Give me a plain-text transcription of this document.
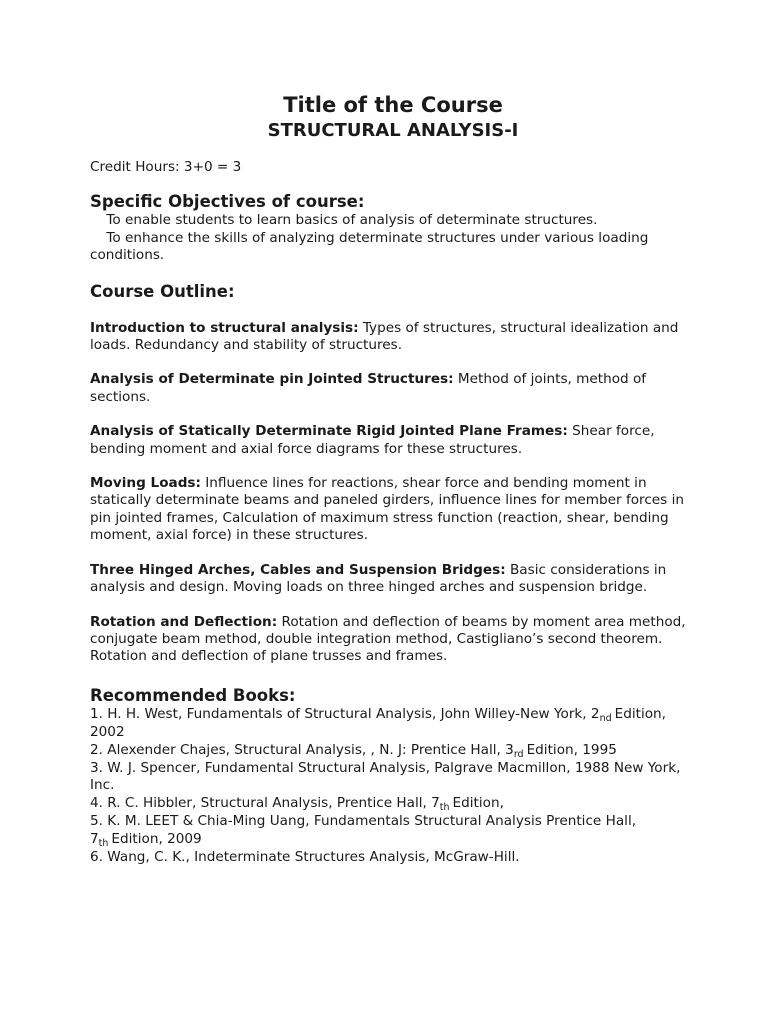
Title of the Course
STRUCTURAL ANALYSIS-I

Credit Hours: 3+0 = 3

Specific Objectives of course:

To enable students to learn basics of analysis of determinate structures.

To enhance the skills of analyzing determinate structures under various loading conditions.

Course Outline:

Introduction to structural analysis: Types of structures, structural idealization and loads. Redundancy and stability of structures.

Analysis of Determinate pin Jointed Structures: Method of joints, method of sections.

Analysis of Statically Determinate Rigid Jointed Plane Frames: Shear force, bending moment and axial force diagrams for these structures.

Moving Loads: Influence lines for reactions, shear force and bending moment in statically determinate beams and paneled girders, influence lines for member forces in pin jointed frames, Calculation of maximum stress function (reaction, shear, bending moment, axial force) in these structures.

Three Hinged Arches, Cables and Suspension Bridges: Basic considerations in analysis and design. Moving loads on three hinged arches and suspension bridge.

Rotation and Deflection: Rotation and deflection of beams by moment area method, conjugate beam method, double integration method, Castigliano’s second theorem. Rotation and deflection of plane trusses and frames.

Recommended Books:

1. H. H. West, Fundamentals of Structural Analysis, John Willey-New York, $2_{nd}$ Edition, 2002

2. Alexender Chajes, Structural Analysis, , N. J: Prentice Hall, $3_{rd}$ Edition, 1995

3. W. J. Spencer, Fundamental Structural Analysis, Palgrave Macmillon, 1988 New York, Inc.

4. R. C. Hibbler, Structural Analysis, Prentice Hall, $7_{th}$ Edition,

5. K. M. LEET & Chia-Ming Uang, Fundamentals Structural Analysis Prentice Hall, $7_{th}$ Edition, 2009

6. Wang, C. K., Indeterminate Structures Analysis, McGraw-Hill.
